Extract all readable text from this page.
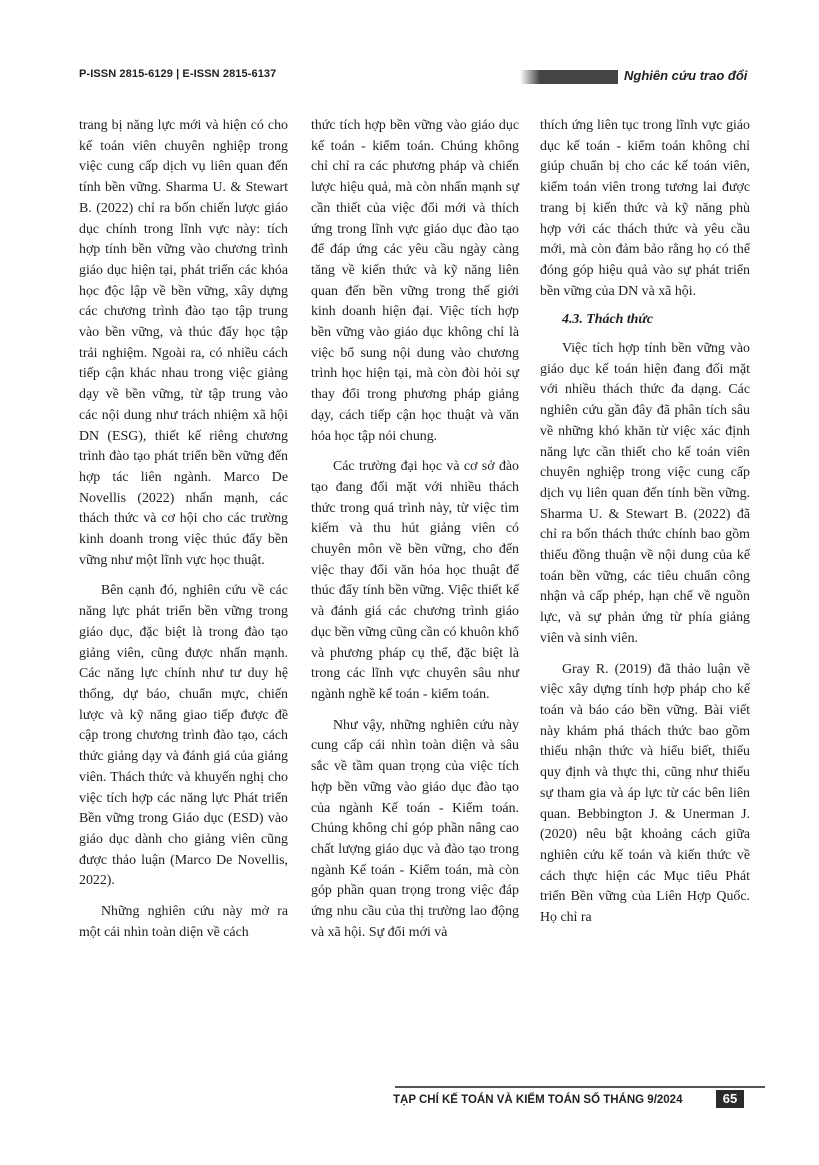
P-ISSN 2815-6129 | E-ISSN 2815-6137	Nghiên cứu trao đổi

trang bị năng lực mới và hiện có cho kế toán viên chuyên nghiệp trong việc cung cấp dịch vụ liên quan đến tính bền vững. Sharma U. & Stewart B. (2022) chỉ ra bốn chiến lược giáo dục chính trong lĩnh vực này: tích hợp tính bền vững vào chương trình giáo dục hiện tại, phát triển các khóa học độc lập về bền vững, xây dựng các chương trình đào tạo tập trung vào bền vững, và thúc đẩy học tập trải nghiệm. Ngoài ra, có nhiều cách tiếp cận khác nhau trong việc giảng dạy về bền vững, từ tập trung vào các nội dung như trách nhiệm xã hội DN (ESG), thiết kế riêng chương trình đào tạo phát triển bền vững đến hợp tác liên ngành. Marco De Novellis (2022) nhấn mạnh, các thách thức và cơ hội cho các trường kinh doanh trong việc thúc đẩy bền vững như một lĩnh vực học thuật.

Bên cạnh đó, nghiên cứu về các năng lực phát triển bền vững trong giáo dục, đặc biệt là trong đào tạo giảng viên, cũng được nhấn mạnh. Các năng lực chính như tư duy hệ thống, dự báo, chuẩn mực, chiến lược và kỹ năng giao tiếp được đề cập trong chương trình đào tạo, cách thức giảng dạy và đánh giá của giảng viên. Thách thức và khuyến nghị cho việc tích hợp các năng lực Phát triển Bền vững trong Giáo dục (ESD) vào giáo dục dành cho giảng viên cũng được thảo luận (Marco De Novellis, 2022).

Những nghiên cứu này mở ra một cái nhìn toàn diện về cách

thức tích hợp bền vững vào giáo dục kế toán - kiểm toán. Chúng không chỉ chỉ ra các phương pháp và chiến lược hiệu quả, mà còn nhấn mạnh sự cần thiết của việc đổi mới và thích ứng trong lĩnh vực giáo dục đào tạo để đáp ứng các yêu cầu ngày càng tăng về kiến thức và kỹ năng liên quan đến bền vững trong thế giới kinh doanh hiện đại. Việc tích hợp bền vững vào giáo dục không chỉ là việc bổ sung nội dung vào chương trình học hiện tại, mà còn đòi hỏi sự thay đổi trong phương pháp giảng dạy, cách tiếp cận học thuật và văn hóa học tập nói chung.

Các trường đại học và cơ sở đào tạo đang đối mặt với nhiều thách thức trong quá trình này, từ việc tìm kiếm và thu hút giảng viên có chuyên môn về bền vững, cho đến việc thay đổi văn hóa học thuật để thúc đẩy tính bền vững. Việc thiết kế và đánh giá các chương trình giáo dục bền vững cũng cần có khuôn khổ và phương pháp cụ thể, đặc biệt là trong các lĩnh vực chuyên sâu như ngành nghề kế toán - kiểm toán.

Như vậy, những nghiên cứu này cung cấp cái nhìn toàn diện và sâu sắc về tầm quan trọng của việc tích hợp bền vững vào giáo dục đào tạo của ngành Kế toán - Kiểm toán. Chúng không chỉ góp phần nâng cao chất lượng giáo dục và đào tạo trong ngành Kế toán - Kiểm toán, mà còn góp phần quan trọng trong việc đáp ứng nhu cầu của thị trường lao động và xã hội. Sự đổi mới và

thích ứng liên tục trong lĩnh vực giáo dục kế toán - kiểm toán không chỉ giúp chuẩn bị cho các kế toán viên, kiểm toán viên trong tương lai được trang bị kiến thức và kỹ năng phù hợp với các thách thức và yêu cầu mới, mà còn đảm bảo rằng họ có thể đóng góp hiệu quả vào sự phát triển bền vững của DN và xã hội.

4.3. Thách thức

Việc tích hợp tính bền vững vào giáo dục kế toán hiện đang đối mặt với nhiều thách thức đa dạng. Các nghiên cứu gần đây đã phân tích sâu về những khó khăn từ việc xác định năng lực cần thiết cho kế toán viên chuyên nghiệp trong việc cung cấp dịch vụ liên quan đến tính bền vững. Sharma U. & Stewart B. (2022) đã chỉ ra bốn thách thức chính bao gồm thiếu đồng thuận về nội dung của kế toán bền vững, các tiêu chuẩn công nhận và cấp phép, hạn chế về nguồn lực, và sự phản ứng từ phía giảng viên và sinh viên.

Gray R. (2019) đã thảo luận về việc xây dựng tính hợp pháp cho kế toán và báo cáo bền vững. Bài viết này khám phá thách thức bao gồm thiếu nhận thức và hiểu biết, thiếu quy định và thực thi, cũng như thiếu sự tham gia và áp lực từ các bên liên quan. Bebbington J. & Unerman J. (2020) nêu bật khoảng cách giữa nghiên cứu kế toán và kiến thức về cách thực hiện các Mục tiêu Phát triển Bền vững của Liên Hợp Quốc. Họ chỉ ra

TẠP CHÍ KẾ TOÁN VÀ KIỂM TOÁN SỐ THÁNG 9/2024	65
